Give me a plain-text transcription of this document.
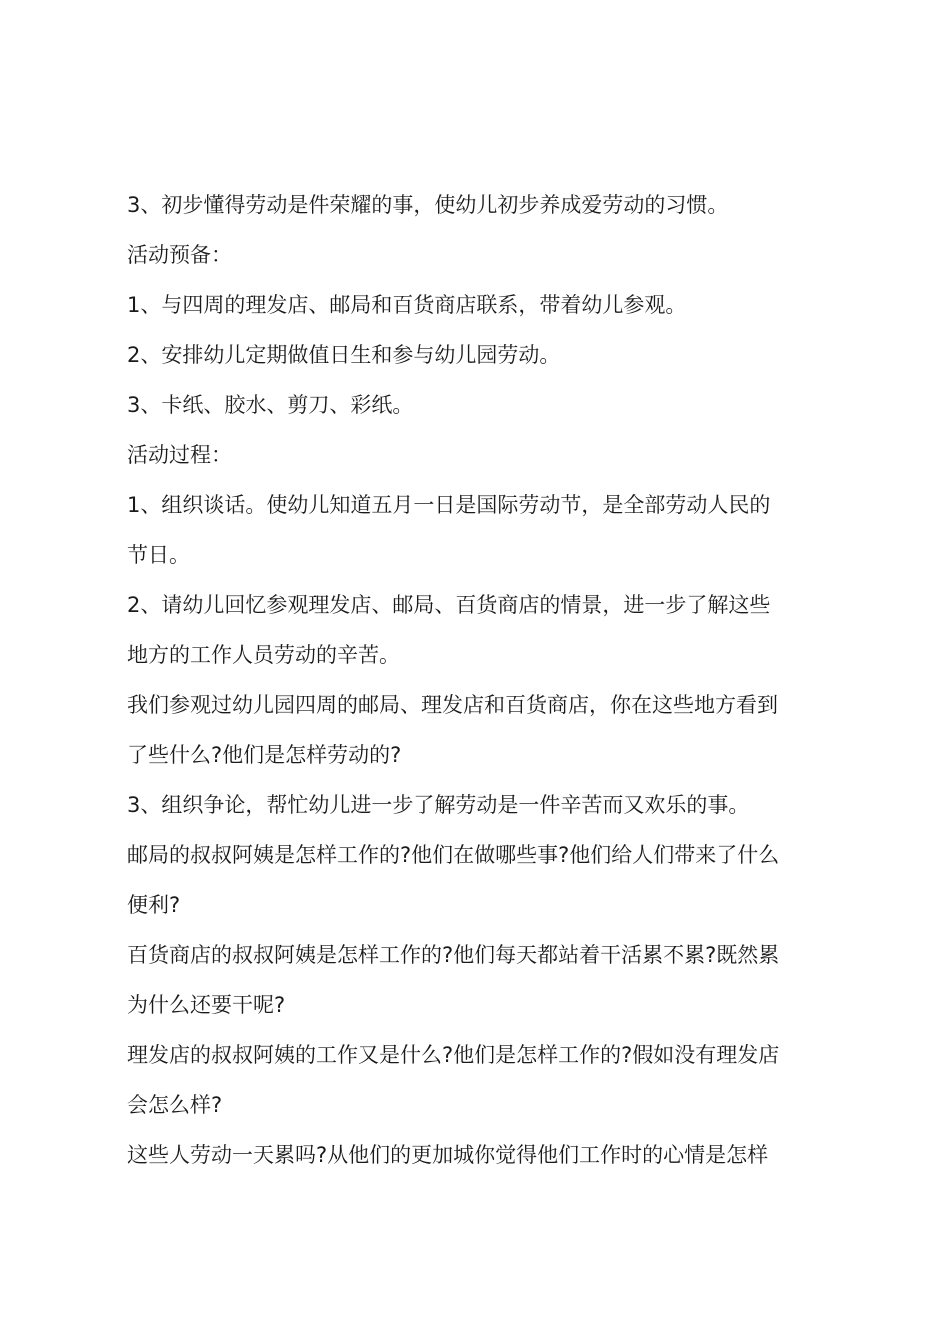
3、初步懂得劳动是件荣耀的事，使幼儿初步养成爱劳动的习惯。

活动预备：

1、与四周的理发店、邮局和百货商店联系，带着幼儿参观。

2、安排幼儿定期做值日生和参与幼儿园劳动。

3、卡纸、胶水、剪刀、彩纸。

活动过程：

1、组织谈话。使幼儿知道五月一日是国际劳动节，是全部劳动人民的

节日。

2、请幼儿回忆参观理发店、邮局、百货商店的情景，进一步了解这些

地方的工作人员劳动的辛苦。

我们参观过幼儿园四周的邮局、理发店和百货商店，你在这些地方看到

了些什么?他们是怎样劳动的?

3、组织争论，帮忙幼儿进一步了解劳动是一件辛苦而又欢乐的事。

邮局的叔叔阿姨是怎样工作的?他们在做哪些事?他们给人们带来了什么

便利?

百货商店的叔叔阿姨是怎样工作的?他们每天都站着干活累不累?既然累

为什么还要干呢?

理发店的叔叔阿姨的工作又是什么?他们是怎样工作的?假如没有理发店

会怎么样?

这些人劳动一天累吗?从他们的更加城你觉得他们工作时的心情是怎样
